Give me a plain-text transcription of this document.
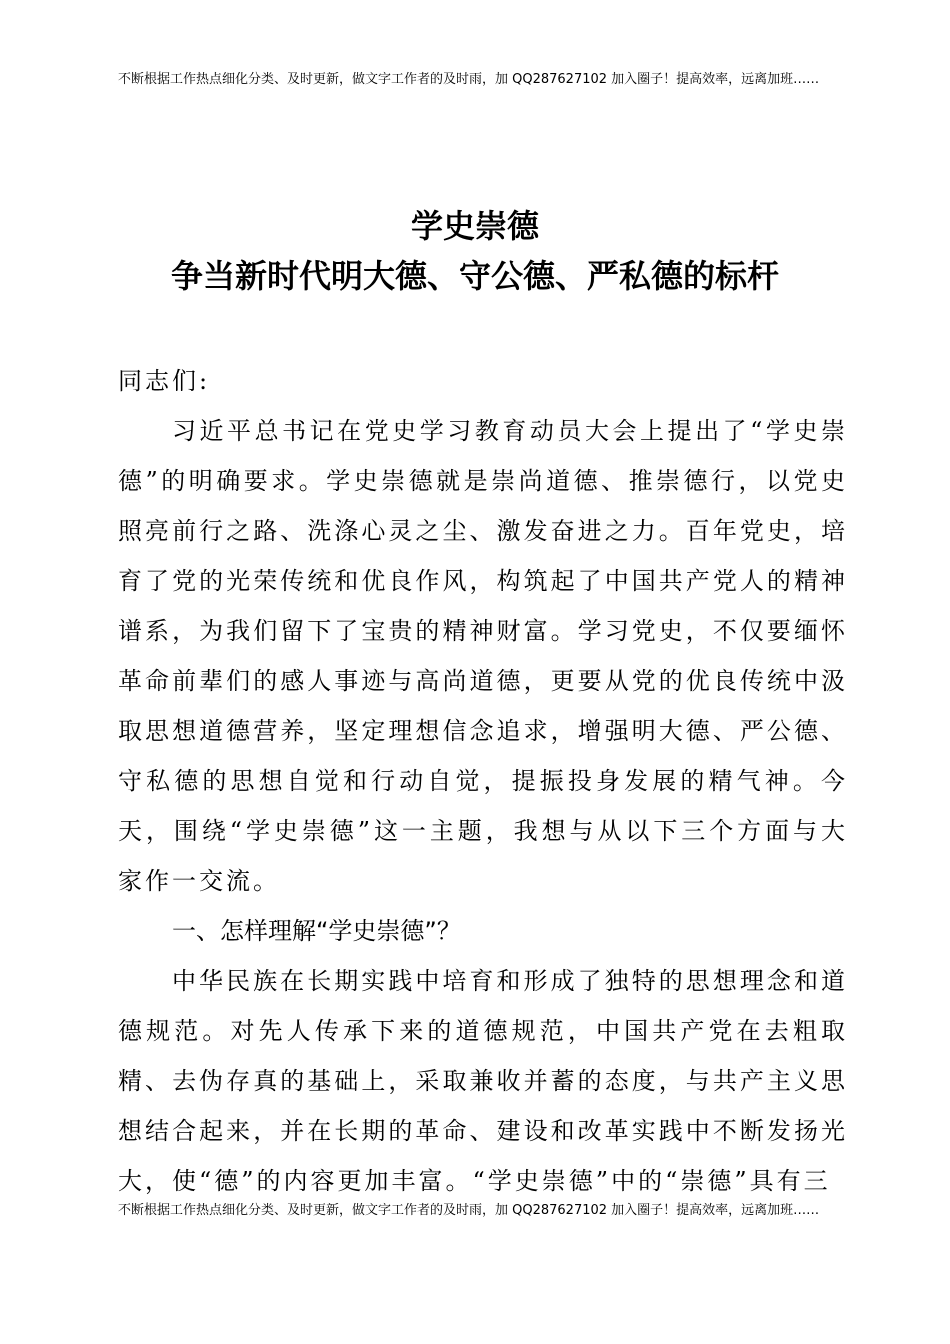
不断根据工作热点细化分类、及时更新，做文字工作者的及时雨，加 QQ287627102 加入圈子！提高效率，远离加班……
学史崇德
争当新时代明大德、守公德、严私德的标杆
同志们:
习近平总书记在党史学习教育动员大会上提出了“学史崇德”的明确要求。学史崇德就是崇尚道德、推崇德行，以党史照亮前行之路、洗涤心灵之尘、激发奋进之力。百年党史，培育了党的光荣传统和优良作风，构筑起了中国共产党人的精神谱系，为我们留下了宝贵的精神财富。学习党史，不仅要缅怀革命前辈们的感人事迹与高尚道德，更要从党的优良传统中汲取思想道德营养，坚定理想信念追求，增强明大德、严公德、守私德的思想自觉和行动自觉，提振投身发展的精气神。今天，围绕“学史崇德”这一主题，我想与从以下三个方面与大家作一交流。
一、怎样理解“学史崇德”？
中华民族在长期实践中培育和形成了独特的思想理念和道德规范。对先人传承下来的道德规范，中国共产党在去粗取精、去伪存真的基础上，采取兼收并蓄的态度，与共产主义思想结合起来，并在长期的革命、建设和改革实践中不断发扬光大，使“德”的内容更加丰富。“学史崇德”中的“崇德”具有三
不断根据工作热点细化分类、及时更新，做文字工作者的及时雨，加 QQ287627102 加入圈子！提高效率，远离加班……
